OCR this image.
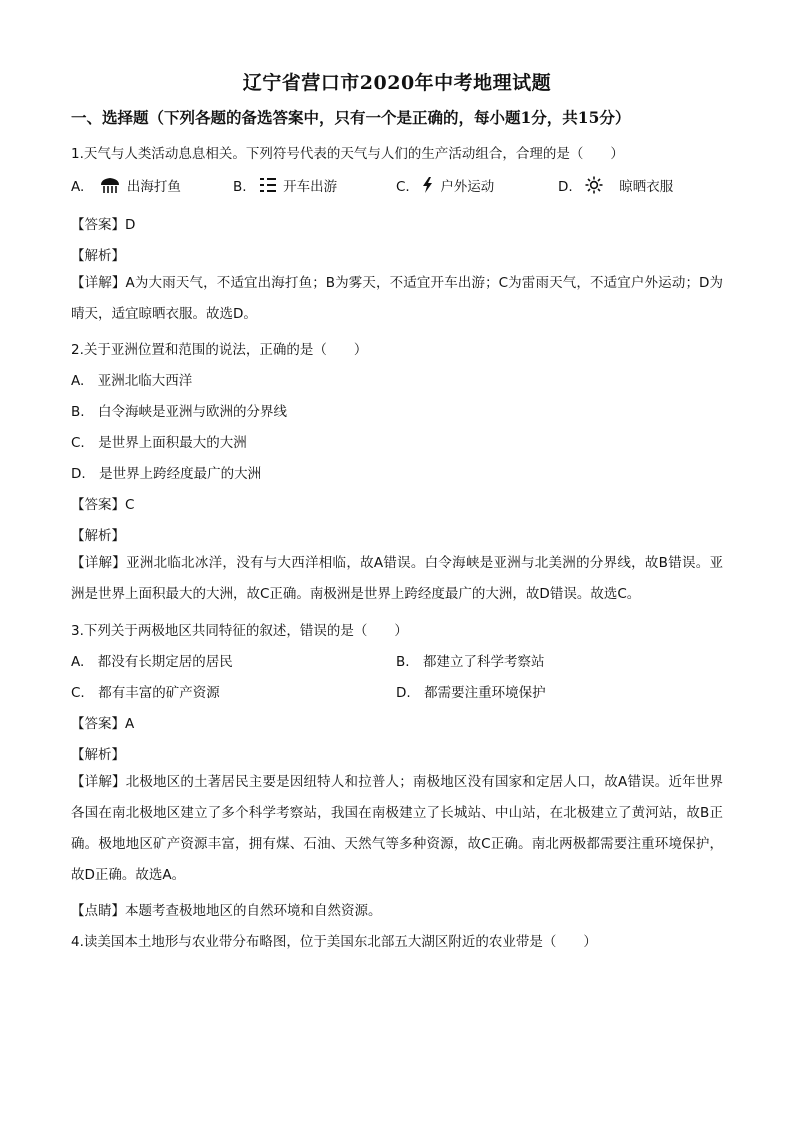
辽宁省营口市2020年中考地理试题
一、选择题（下列各题的备选答案中，只有一个是正确的，每小题1分，共15分）
1.天气与人类活动息息相关。下列符号代表的天气与人们的生产活动组合，合理的是（　　）
A.	出海打鱼	B.	开车出游	C. 户外运动	D.	晾晒衣服
【答案】D
【解析】
【详解】A为大雨天气，不适宜出海打鱼；B为雾天，不适宜开车出游；C为雷雨天气，不适宜户外运动；D为晴天，适宜晾晒衣服。故选D。
2.关于亚洲位置和范围的说法，正确的是（　　）
A.　亚洲北临大西洋
B.　白令海峡是亚洲与欧洲的分界线
C.　是世界上面积最大的大洲
D.　是世界上跨经度最广的大洲
【答案】C
【解析】
【详解】亚洲北临北冰洋，没有与大西洋相临，故A错误。白令海峡是亚洲与北美洲的分界线，故B错误。亚洲是世界上面积最大的大洲，故C正确。南极洲是世界上跨经度最广的大洲，故D错误。故选C。
3.下列关于两极地区共同特征的叙述，错误的是（　　）
A.　都没有长期定居的居民	B.　都建立了科学考察站
C.　都有丰富的矿产资源	D.　都需要注重环境保护
【答案】A
【解析】
【详解】北极地区的土著居民主要是因纽特人和拉普人；南极地区没有国家和定居人口，故A错误。近年世界各国在南北极地区建立了多个科学考察站，我国在南极建立了长城站、中山站，在北极建立了黄河站，故B正确。极地地区矿产资源丰富，拥有煤、石油、天然气等多种资源，故C正确。南北两极都需要注重环境保护，故D正确。故选A。
【点睛】本题考查极地地区的自然环境和自然资源。
4.读美国本土地形与农业带分布略图，位于美国东北部五大湖区附近的农业带是（　　）
